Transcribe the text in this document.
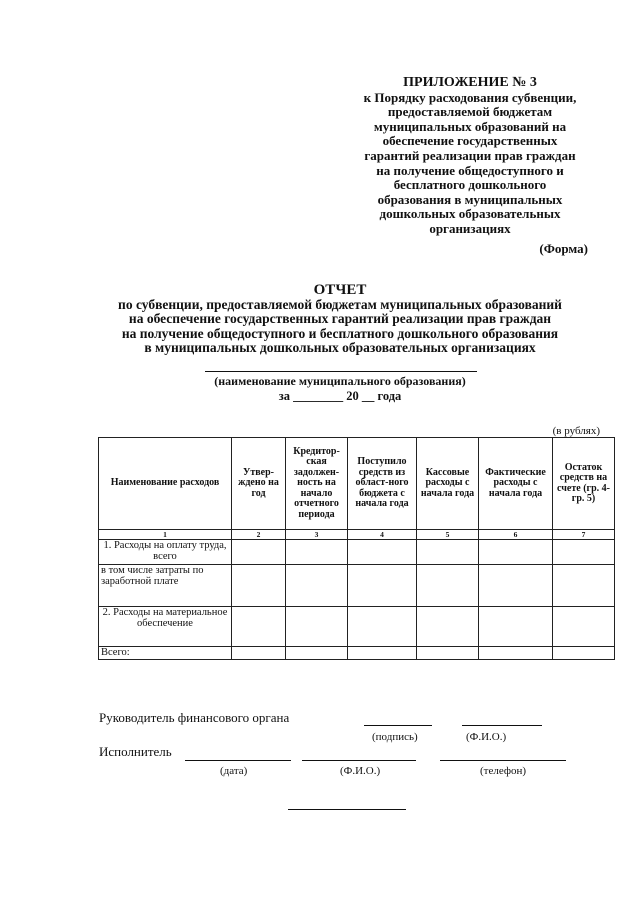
ПРИЛОЖЕНИЕ № 3
к Порядку расходования субвенции,
предоставляемой бюджетам
муниципальных образований на
обеспечение государственных
гарантий реализации прав граждан
на получение общедоступного и
бесплатного дошкольного
образования в муниципальных
дошкольных образовательных
организациях
(Форма)
ОТЧЕТ
по субвенции, предоставляемой бюджетам муниципальных образований
на обеспечение государственных гарантий реализации прав граждан
на получение общедоступного и бесплатного дошкольного образования
в муниципальных дошкольных образовательных организациях
(наименование муниципального образования)
за ________ 20 __ года
(в рублях)
Наименование расходов	Утвер-ждено на год	Кредитор-ская задолжен-ность на начало отчетного периода	Поступило средств из област-ного бюджета с начала года	Кассовые расходы с начала года	Фактические расходы с начала года	Остаток средств на счете (гр. 4-гр. 5)
1	2	3	4	5	6	7
1. Расходы на оплату труда, всего						
в том числе затраты по заработной плате						
2. Расходы на материальное обеспечение						
Всего:						
Руководитель финансового органа
(подпись)	(Ф.И.О.)
Исполнитель
(дата)	(Ф.И.О.)	(телефон)
